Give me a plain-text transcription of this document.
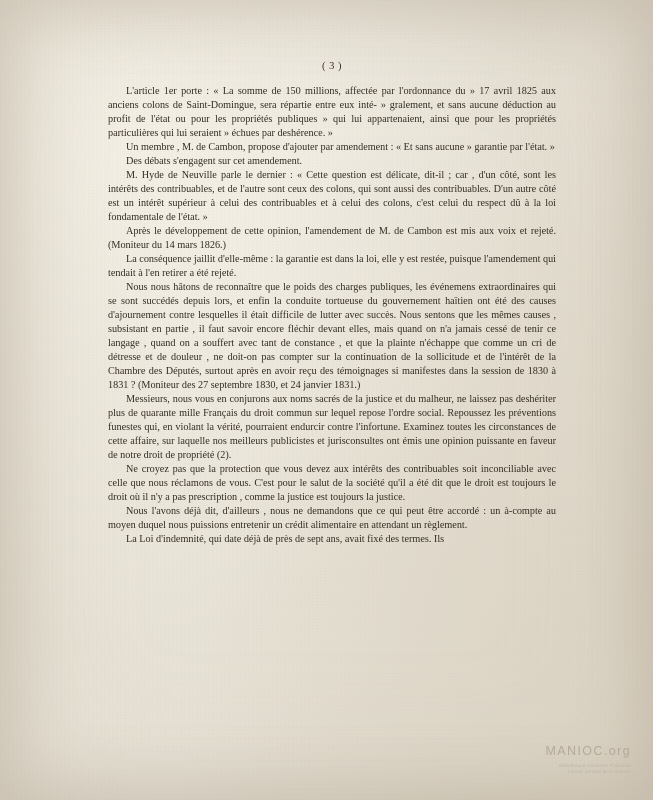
( 3 )

L'article 1er porte : « La somme de 150 millions, affectée par l'ordonnance du » 17 avril 1825 aux anciens colons de Saint-Domingue, sera répartie entre eux inté- » gralement, et sans aucune déduction au profit de l'état ou pour les propriétés publiques » qui lui appartenaient, ainsi que pour les propriétés particulières qui lui seraient » échues par deshérence. »

Un membre , M. de Cambon, propose d'ajouter par amendement : « Et sans aucune » garantie par l'état. »

Des débats s'engagent sur cet amendement.

M. Hyde de Neuville parle le dernier : « Cette question est délicate, dit-il ; car , d'un côté, sont les intérêts des contribuables, et de l'autre sont ceux des colons, qui sont aussi des contribuables. D'un autre côté est un intérêt supérieur à celui des contribuables et à celui des colons, c'est celui du respect dû à la loi fondamentale de l'état. »

Après le développement de cette opinion, l'amendement de M. de Cambon est mis aux voix et rejeté. (Moniteur du 14 mars 1826.)

La conséquence jaillit d'elle-même : la garantie est dans la loi, elle y est restée, puisque l'amendement qui tendait à l'en retirer a été rejeté.

Nous nous hâtons de reconnaître que le poids des charges publiques, les événemens extraordinaires qui se sont succédés depuis lors, et enfin la conduite tortueuse du gouvernement haïtien ont été des causes d'ajournement contre lesquelles il était difficile de lutter avec succès. Nous sentons que les mêmes causes , subsistant en partie , il faut savoir encore fléchir devant elles, mais quand on n'a jamais cessé de tenir ce langage , quand on a souffert avec tant de constance , et que la plainte n'échappe que comme un cri de détresse et de douleur , ne doit-on pas compter sur la continuation de la sollicitude et de l'intérêt de la Chambre des Députés, surtout après en avoir reçu des témoignages si manifestes dans la session de 1830 à 1831 ? (Moniteur des 27 septembre 1830, et 24 janvier 1831.)

Messieurs, nous vous en conjurons aux noms sacrés de la justice et du malheur, ne laissez pas deshériter plus de quarante mille Français du droit commun sur lequel repose l'ordre social. Repoussez les préventions funestes qui, en violant la vérité, pourraient endurcir contre l'infortune. Examinez toutes les circonstances de cette affaire, sur laquelle nos meilleurs publicistes et jurisconsultes ont émis une opinion puissante en faveur de notre droit de propriété (2).

Ne croyez pas que la protection que vous devez aux intérêts des contribuables soit inconciliable avec celle que nous réclamons de vous. C'est pour le salut de la société qu'il a été dit que le droit est toujours le droit où il n'y a pas prescription , comme la justice est toujours la justice.

Nous l'avons déjà dit, d'ailleurs , nous ne demandons que ce qui peut être accordé : un à-compte au moyen duquel nous puissions entretenir un crédit alimentaire en attendant un règlement.

La Loi d'indemnité, qui date déjà de près de sept ans, avait fixé des termes. Ils

MANIOC.org
Bibliothèque Alexandre Franconie
Conseil général de la Guyane
